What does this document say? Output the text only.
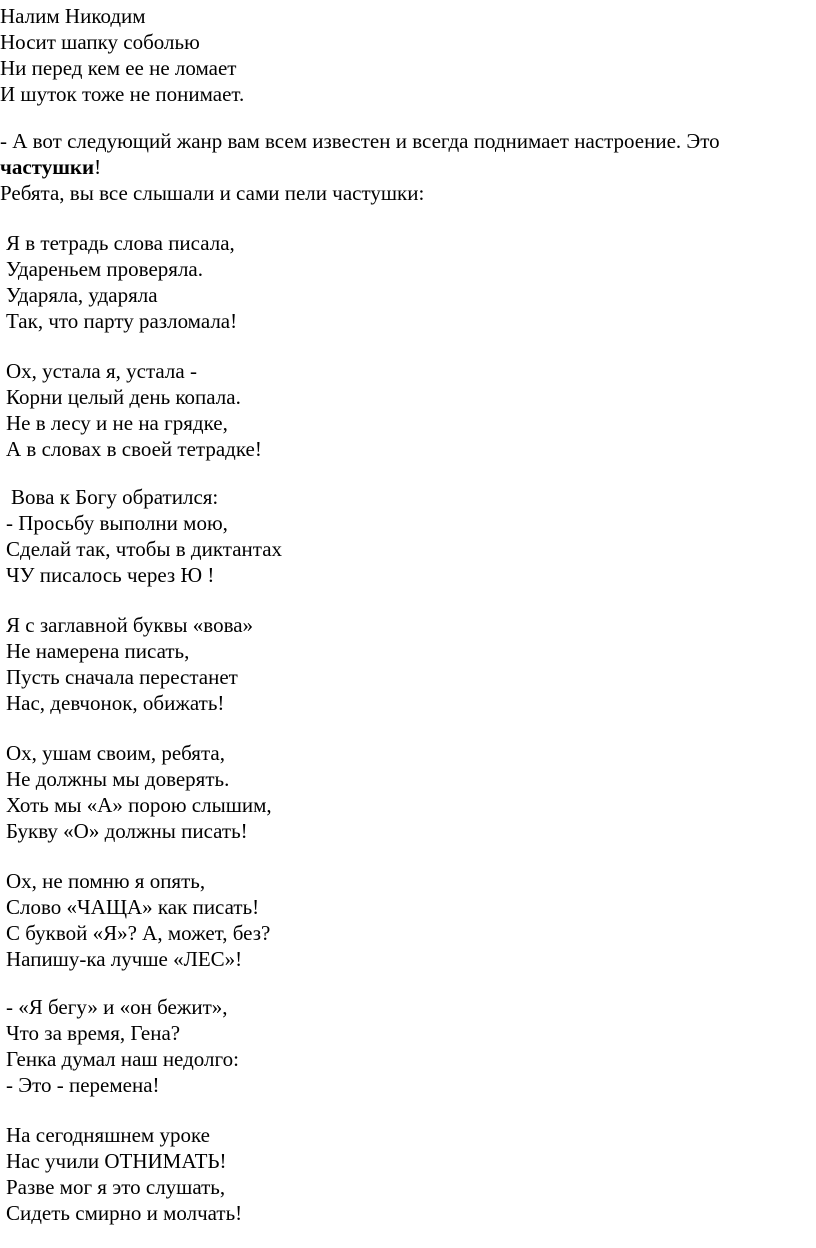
Налим Никодим
Носит шапку соболью
Ни перед кем ее не ломает
И шуток тоже не понимает.
- А вот следующий жанр вам всем известен и всегда поднимает настроение. Это
частушки!
Ребята, вы все слышали и сами пели частушки:
Я в тетрадь слова писала,
Удареньем проверяла.
Ударяла, ударяла
Так, что парту разломала!
Ох, устала я, устала -
Корни целый день копала.
Не в лесу и не на грядке,
А в словах в своей тетрадке!
Вова к Богу обратился:
- Просьбу выполни мою,
Сделай так, чтобы в диктантах
ЧУ писалось через Ю !
Я с заглавной буквы «вова»
Не намерена писать,
Пусть сначала перестанет
Нас, девчонок, обижать!
Ох, ушам своим, ребята,
Не должны мы доверять.
Хоть мы «А» порою слышим,
Букву «О» должны писать!
Ох, не помню я опять,
Слово «ЧАЩА» как писать!
С буквой «Я»? А, может, без?
Напишу-ка лучше «ЛЕС»!
- «Я бегу» и «он бежит»,
Что за время, Гена?
Генка думал наш недолго:
- Это - перемена!
На сегодняшнем уроке
Нас учили ОТНИМАТЬ!
Разве мог я это слушать,
Сидеть смирно и молчать!
